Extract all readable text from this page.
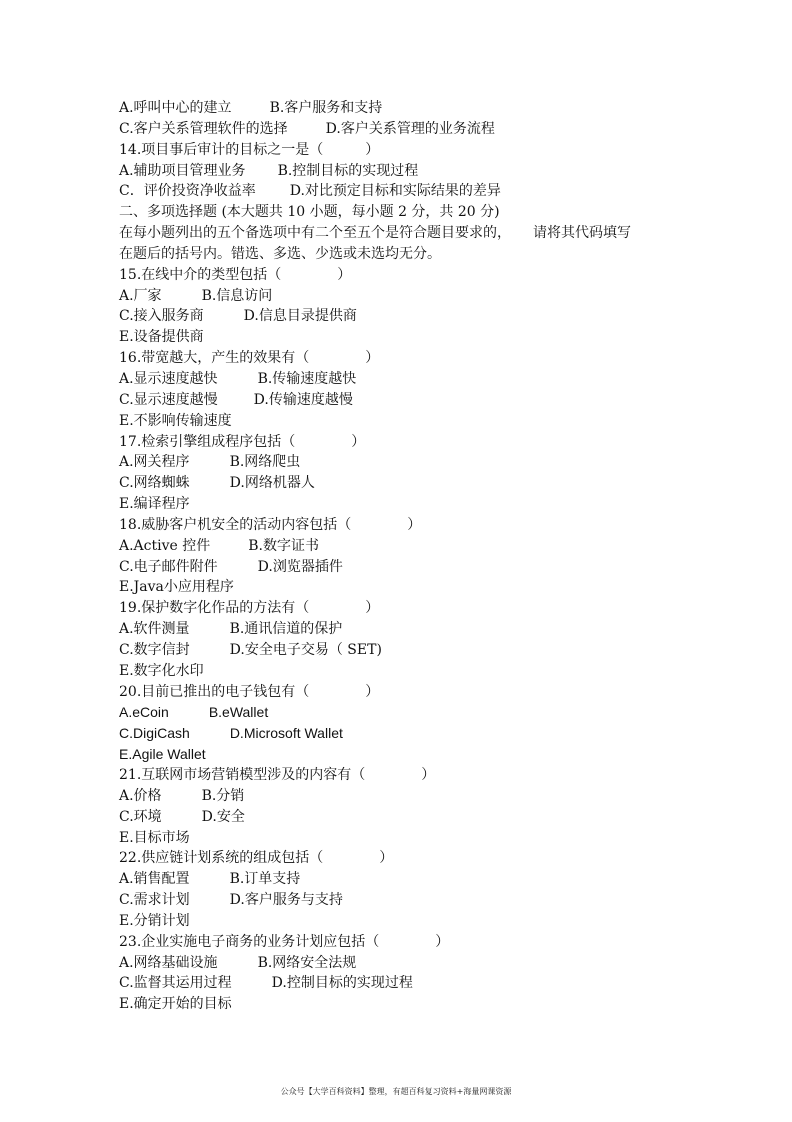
A.呼叫中心的建立	B.客户服务和支持
C.客户关系管理软件的选择	D.客户关系管理的业务流程
14.项目事后审计的目标之一是（　　　）
A.辅助项目管理业务 B.控制目标的实现过程
C．评价投资净收益率 D.对比预定目标和实际结果的差异
二、多项选择题 (本大题共 10 小题，每小题 2 分，共 20 分)
在每小题列出的五个备选项中有二个至五个是符合题目要求的， 请将其代码填写
在题后的括号内。错选、多选、少选或未选均无分。
15.在线中介的类型包括（　　　　）
A.厂家	B.信息访问
C.接入服务商	D.信息目录提供商
E.设备提供商
16.带宽越大，产生的效果有（　　　　）
A.显示速度越快	B.传输速度越快
C.显示速度越慢	D.传输速度越慢
E.不影响传输速度
17.检索引擎组成程序包括（　　　　）
A.网关程序	B.网络爬虫
C.网络蜘蛛	D.网络机器人
E.编译程序
18.威胁客户机安全的活动内容包括（　　　　）
A.Active 控件	B.数字证书
C.电子邮件附件	D.浏览器插件
E.Java小应用程序
19.保护数字化作品的方法有（　　　　）
A.软件测量	B.通讯信道的保护
C.数字信封	D.安全电子交易（ SET)
E.数字化水印
20.目前已推出的电子钱包有（　　　　）
A.eCoin	B.eWallet
C.DigiCash	D.Microsoft Wallet
E.Agile Wallet
21.互联网市场营销模型涉及的内容有（　　　　）
A.价格	B.分销
C.环境	D.安全
E.目标市场
22.供应链计划系统的组成包括（　　　　）
A.销售配置	B.订单支持
C.需求计划	D.客户服务与支持
E.分销计划
23.企业实施电子商务的业务计划应包括（　　　　）
A.网络基础设施	B.网络安全法规
C.监督其运用过程	D.控制目标的实现过程
E.确定开始的目标
公众号【大学百科资料】整理，有超百科复习资料+海量网课资源
